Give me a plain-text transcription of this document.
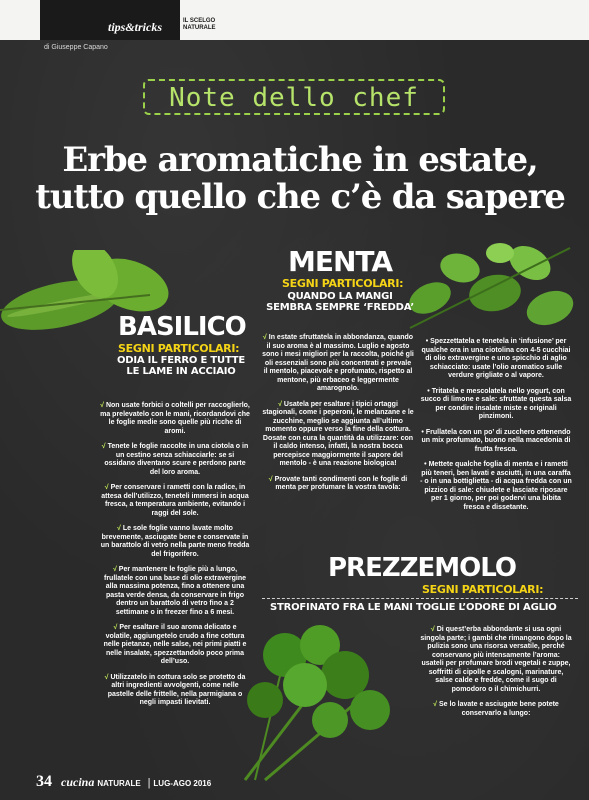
tips&tricks	IL SCELGO
NATURALE
di Giuseppe Capano
Note dello chef
Erbe aromatiche in estate,
tutto quello che c’è da sapere
BASILICO
SEGNI PARTICOLARI:
ODIA IL FERRO E TUTTE
LE LAME IN ACCIAIO

√ Non usate forbici o coltelli per raccoglierlo, ma prelevatelo con le mani, ricordandovi che le foglie medie sono quelle più ricche di aromi.

√ Tenete le foglie raccolte in una ciotola o in un cestino senza schiacciarle: se si ossidano diventano scure e perdono parte del loro aroma.

√ Per conservare i rametti con la radice, in attesa dell’utilizzo, teneteli immersi in acqua fresca, a temperatura ambiente, evitando i raggi del sole.

√ Le sole foglie vanno lavate molto brevemente, asciugate bene e conservate in un barattolo di vetro nella parte meno fredda del frigorifero.

√ Per mantenere le foglie più a lungo, frullatele con una base di olio extravergine alla massima potenza, fino a ottenere una pasta verde densa, da conservare in frigo dentro un barattolo di vetro fino a 2 settimane o in freezer fino a 6 mesi.

√ Per esaltare il suo aroma delicato e volatile, aggiungetelo crudo a fine cottura nelle pietanze, nelle salse, nei primi piatti e nelle insalate, spezzettandolo poco prima dell’uso.

√ Utilizzatelo in cottura solo se protetto da altri ingredienti avvolgenti, come nelle pastelle delle frittelle, nella parmigiana o negli impasti lievitati.

MENTA
SEGNI PARTICOLARI:
QUANDO LA MANGI
SEMBRA SEMPRE ‘FREDDA’

√ In estate sfruttatela in abbondanza, quando il suo aroma è al massimo. Luglio e agosto sono i mesi migliori per la raccolta, poiché gli oli essenziali sono più concentrati e prevale il mentolo, piacevole e profumato, rispetto al mentone, più erbaceo e leggermente amarognolo.

√ Usatela per esaltare i tipici ortaggi stagionali, come i peperoni, le melanzane e le zucchine, meglio se aggiunta all’ultimo momento oppure verso la fine della cottura. Dosate con cura la quantità da utilizzare: con il caldo intenso, infatti, la nostra bocca percepisce maggiormente il sapore del mentolo - è una reazione biologica!

√ Provate tanti condimenti con le foglie di menta per profumare la vostra tavola:

• Spezzettatela e tenetela in ‘infusione’ per qualche ora in una ciotolina con 4-5 cucchiai di olio extravergine e uno spicchio di aglio schiacciato: usate l’olio aromatico sulle verdure grigliate o al vapore.

• Tritatela e mescolatela nello yogurt, con succo di limone e sale: sfruttate questa salsa per condire insalate miste e originali pinzimoni.

• Frullatela con un po’ di zucchero ottenendo un mix profumato, buono nella macedonia di frutta fresca.

• Mettete qualche foglia di menta e i rametti più teneri, ben lavati e asciutti, in una caraffa - o in una bottiglietta - di acqua fredda con un pizzico di sale: chiudete e lasciate riposare per 1 giorno, per poi godervi una bibita fresca e dissetante.

PREZZEMOLO
SEGNI PARTICOLARI:
STROFINATO FRA LE MANI TOGLIE L’ODORE DI AGLIO

√ Di quest’erba abbondante si usa ogni singola parte; i gambi che rimangono dopo la pulizia sono una risorsa versatile, perché conservano più intensamente l’aroma: usateli per profumare brodi vegetali e zuppe, soffritti di cipolle e scalogni, marinature, salse calde e fredde, come il sugo di pomodoro o il chimichurri.

√ Se lo lavate e asciugate bene potete conservarlo a lungo:

34 cucina NATURALE | LUG-AGO 2016
